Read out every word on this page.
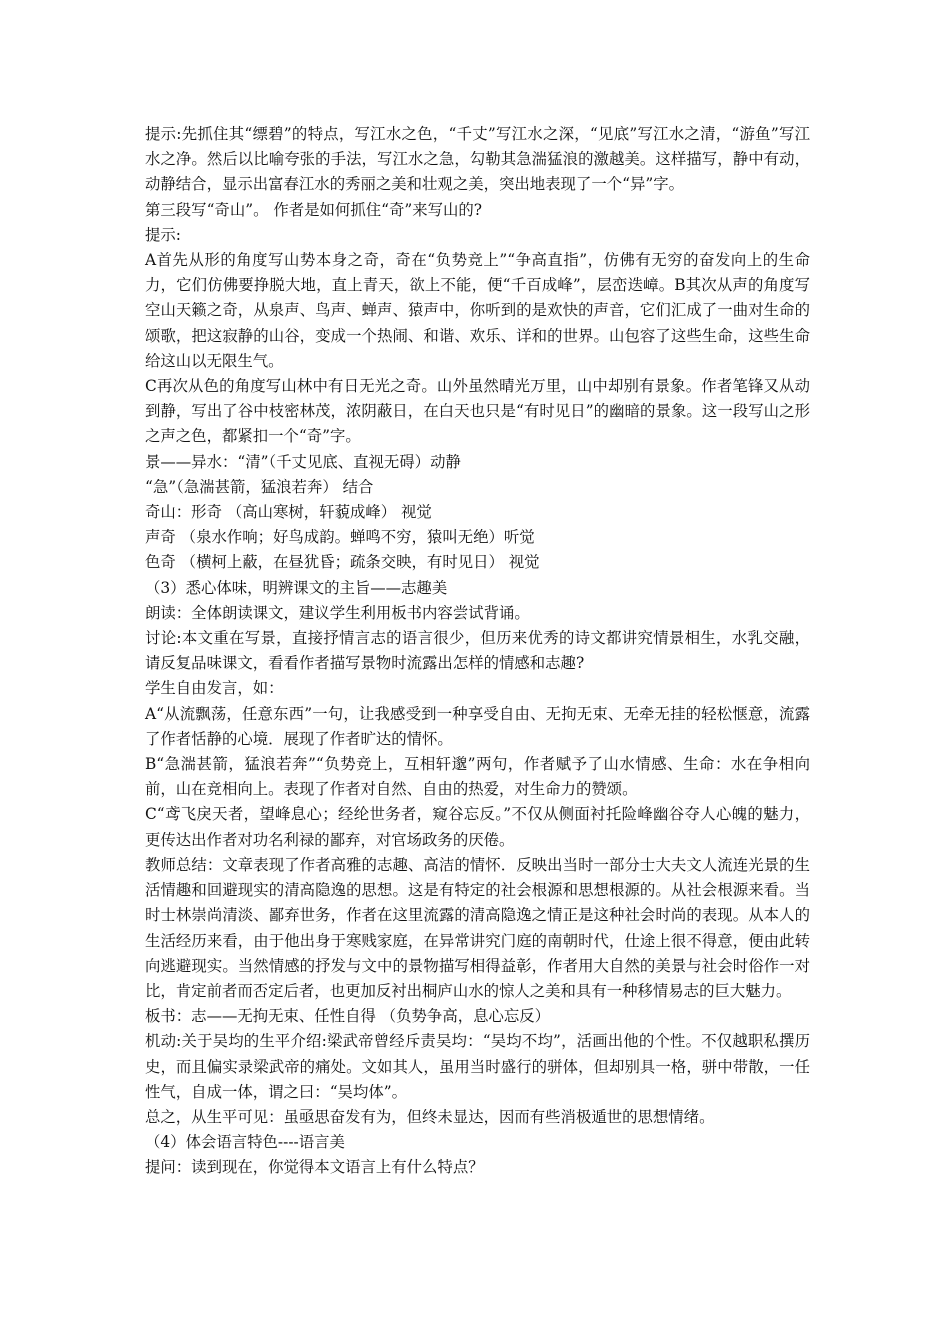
提示:先抓住其“缥碧”的特点，写江水之色，“千丈”写江水之深，“见底”写江水之清，“游鱼”写江水之净。然后以比喻夸张的手法，写江水之急，勾勒其急湍猛浪的激越美。这样描写，静中有动，动静结合，显示出富春江水的秀丽之美和壮观之美，突出地表现了一个“异”字。

第三段写“奇山”。 作者是如何抓住“奇”来写山的?

提示:

A首先从形的角度写山势本身之奇，奇在“负势竞上”“争高直指”，仿佛有无穷的奋发向上的生命力，它们仿佛要挣脱大地，直上青天，欲上不能，便“千百成峰”，层峦迭嶂。B其次从声的角度写空山天籁之奇，从泉声、鸟声、蝉声、猿声中，你听到的是欢快的声音，它们汇成了一曲对生命的颂歌，把这寂静的山谷，变成一个热闹、和谐、欢乐、详和的世界。山包容了这些生命，这些生命给这山以无限生气。

C再次从色的角度写山林中有日无光之奇。山外虽然晴光万里，山中却别有景象。作者笔锋又从动到静，写出了谷中枝密林茂，浓阴蔽日，在白天也只是“有时见日”的幽暗的景象。这一段写山之形之声之色，都紧扣一个“奇”字。

景——异水：“清”（千丈见底、直视无碍）动静

“急”（急湍甚箭，猛浪若奔） 结合

奇山：形奇 （高山寒树，轩藐成峰） 视觉

声奇 （泉水作响；好鸟成韵。蝉鸣不穷，猿叫无绝）听觉

色奇 （横柯上蔽，在昼犹昏；疏条交映，有时见日） 视觉

（3）悉心体味，明辨课文的主旨——志趣美

朗读：全体朗读课文，建议学生利用板书内容尝试背诵。

讨论:本文重在写景，直接抒情言志的语言很少，但历来优秀的诗文都讲究情景相生，水乳交融，请反复品味课文，看看作者描写景物时流露出怎样的情感和志趣?

学生自由发言，如：

A“从流飘荡，任意东西”一句，让我感受到一种享受自由、无拘无束、无牵无挂的轻松惬意，流露了作者恬静的心境．展现了作者旷达的情怀。

B“急湍甚箭，猛浪若奔”“负势竞上，互相轩邈”两句，作者赋予了山水情感、生命：水在争相向前，山在竞相向上。表现了作者对自然、自由的热爱，对生命力的赞颂。

C“鸢飞戾天者，望峰息心；经纶世务者，窥谷忘反。”不仅从侧面衬托险峰幽谷夺人心魄的魅力，更传达出作者对功名利禄的鄙弃，对官场政务的厌倦。

教师总结：文章表现了作者高雅的志趣、高洁的情怀．反映出当时一部分士大夫文人流连光景的生活情趣和回避现实的清高隐逸的思想。这是有特定的社会根源和思想根源的。从社会根源来看。当时士林崇尚清淡、鄙弃世务，作者在这里流露的清高隐逸之情正是这种社会时尚的表现。从本人的生活经历来看，由于他出身于寒贱家庭，在异常讲究门庭的南朝时代，仕途上很不得意，便由此转向逃避现实。当然情感的抒发与文中的景物描写相得益彰，作者用大自然的美景与社会时俗作一对比，肯定前者而否定后者，也更加反衬出桐庐山水的惊人之美和具有一种移情易志的巨大魅力。

板书：志——无拘无束、任性自得 （负势争高，息心忘反）

机动:关于吴均的生平介绍:梁武帝曾经斥责吴均：“吴均不均”，活画出他的个性。不仅越职私撰历史，而且偏实录梁武帝的痛处。文如其人，虽用当时盛行的骈体，但却别具一格，骈中带散，一任性气，自成一体，谓之曰：“吴均体”。

总之，从生平可见：虽亟思奋发有为，但终未显达，因而有些消极遁世的思想情绪。

（4）体会语言特色----语言美

提问：读到现在，你觉得本文语言上有什么特点？
